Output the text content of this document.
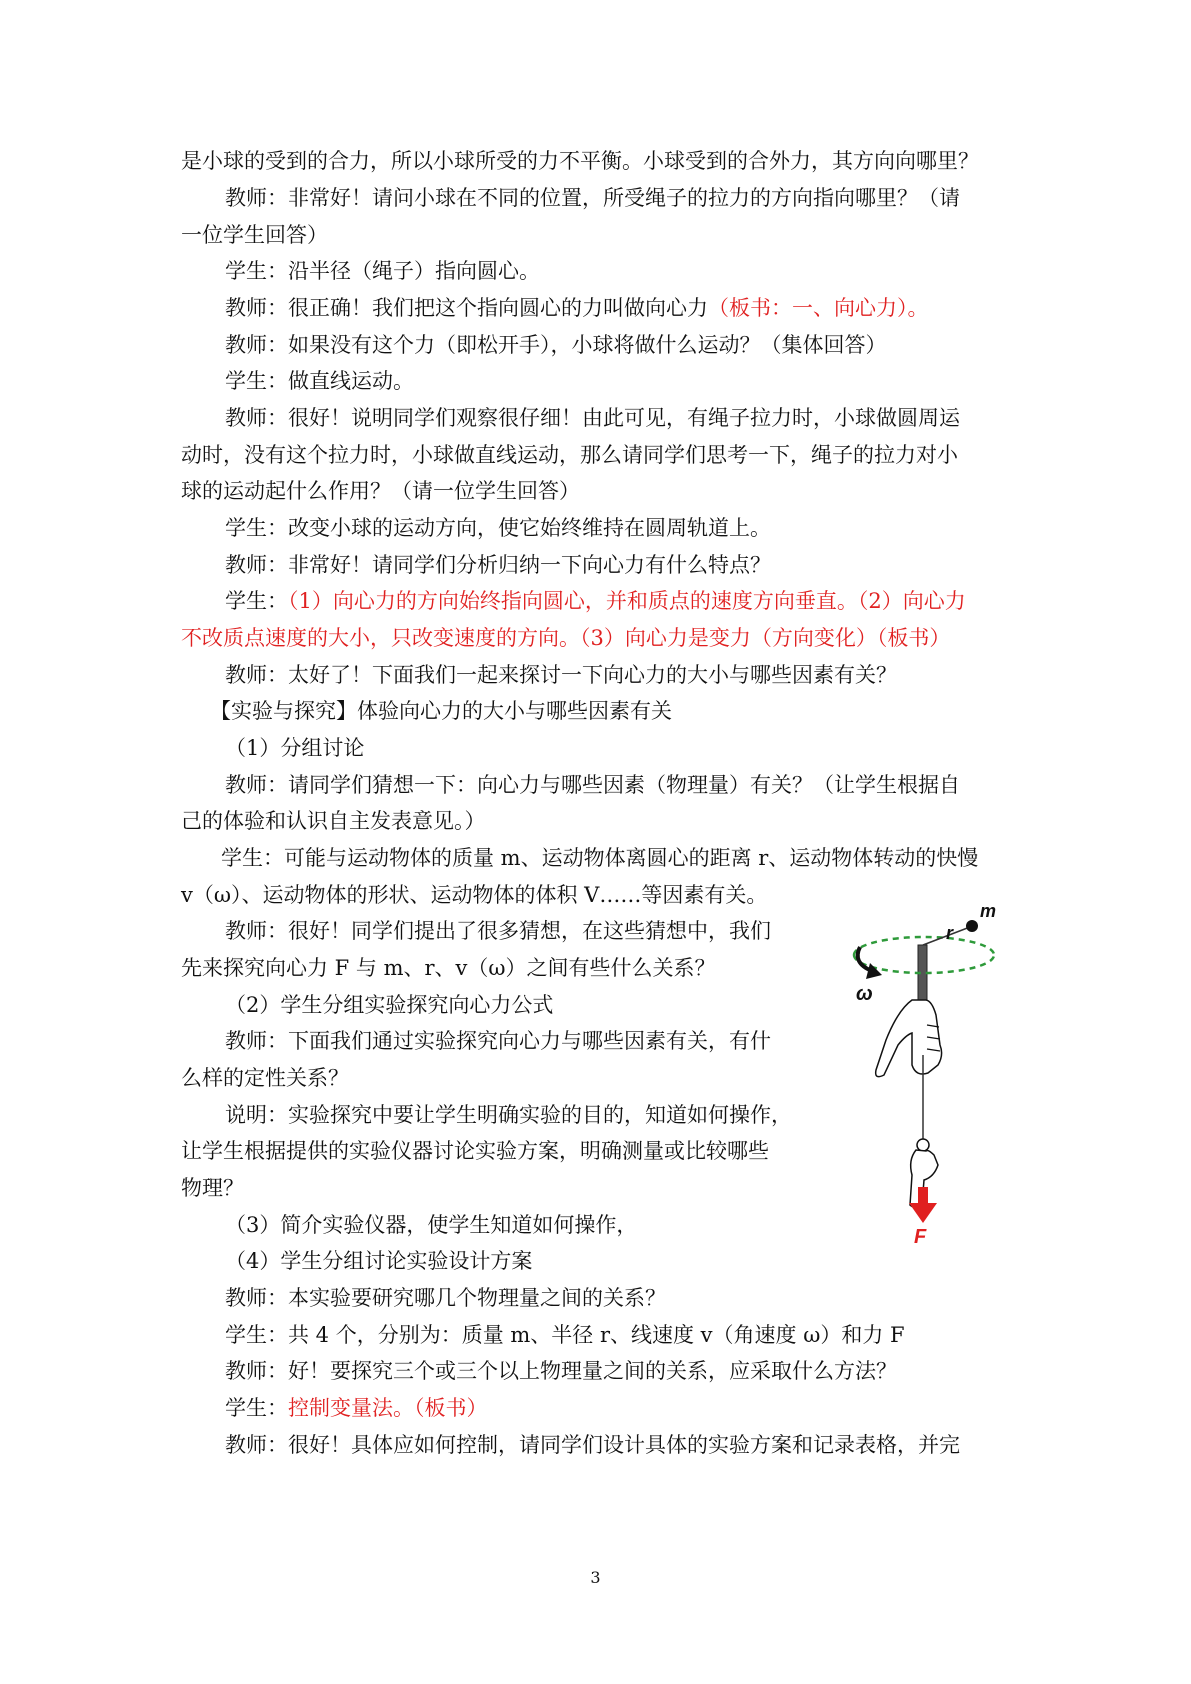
是小球的受到的合力，所以小球所受的力不平衡。小球受到的合外力，其方向向哪里？
教师：非常好！请问小球在不同的位置，所受绳子的拉力的方向指向哪里？（请
一位学生回答）
学生：沿半径（绳子）指向圆心。
教师：很正确！我们把这个指向圆心的力叫做向心力（板书：一、向心力）。
教师：如果没有这个力（即松开手），小球将做什么运动？（集体回答）
学生：做直线运动。
教师：很好！说明同学们观察很仔细！由此可见，有绳子拉力时，小球做圆周运
动时，没有这个拉力时，小球做直线运动，那么请同学们思考一下，绳子的拉力对小
球的运动起什么作用？（请一位学生回答）
学生：改变小球的运动方向，使它始终维持在圆周轨道上。
教师：非常好！请同学们分析归纳一下向心力有什么特点？
学生：（1）向心力的方向始终指向圆心，并和质点的速度方向垂直。（2）向心力
不改质点速度的大小，只改变速度的方向。（3）向心力是变力（方向变化）（板书）
教师：太好了！下面我们一起来探讨一下向心力的大小与哪些因素有关？
【实验与探究】体验向心力的大小与哪些因素有关
（1）分组讨论
教师：请同学们猜想一下：向心力与哪些因素（物理量）有关？（让学生根据自
己的体验和认识自主发表意见。）
学生：可能与运动物体的质量 m、运动物体离圆心的距离 r、运动物体转动的快慢
v（ω）、运动物体的形状、运动物体的体积 V……等因素有关。
教师：很好！同学们提出了很多猜想，在这些猜想中，我们
先来探究向心力 F 与 m、r、v（ω）之间有些什么关系？
（2）学生分组实验探究向心力公式
教师：下面我们通过实验探究向心力与哪些因素有关，有什
么样的定性关系？
说明：实验探究中要让学生明确实验的目的，知道如何操作，
让学生根据提供的实验仪器讨论实验方案，明确测量或比较哪些
物理？
（3）简介实验仪器，使学生知道如何操作，
（4）学生分组讨论实验设计方案
教师：本实验要研究哪几个物理量之间的关系？
学生：共 4 个，分别为：质量 m、半径 r、线速度 v（角速度 ω）和力 F
教师：好！要探究三个或三个以上物理量之间的关系，应采取什么方法？
学生：控制变量法。（板书）
教师：很好！具体应如何控制，请同学们设计具体的实验方案和记录表格，并完
m
r
ω
F
3
